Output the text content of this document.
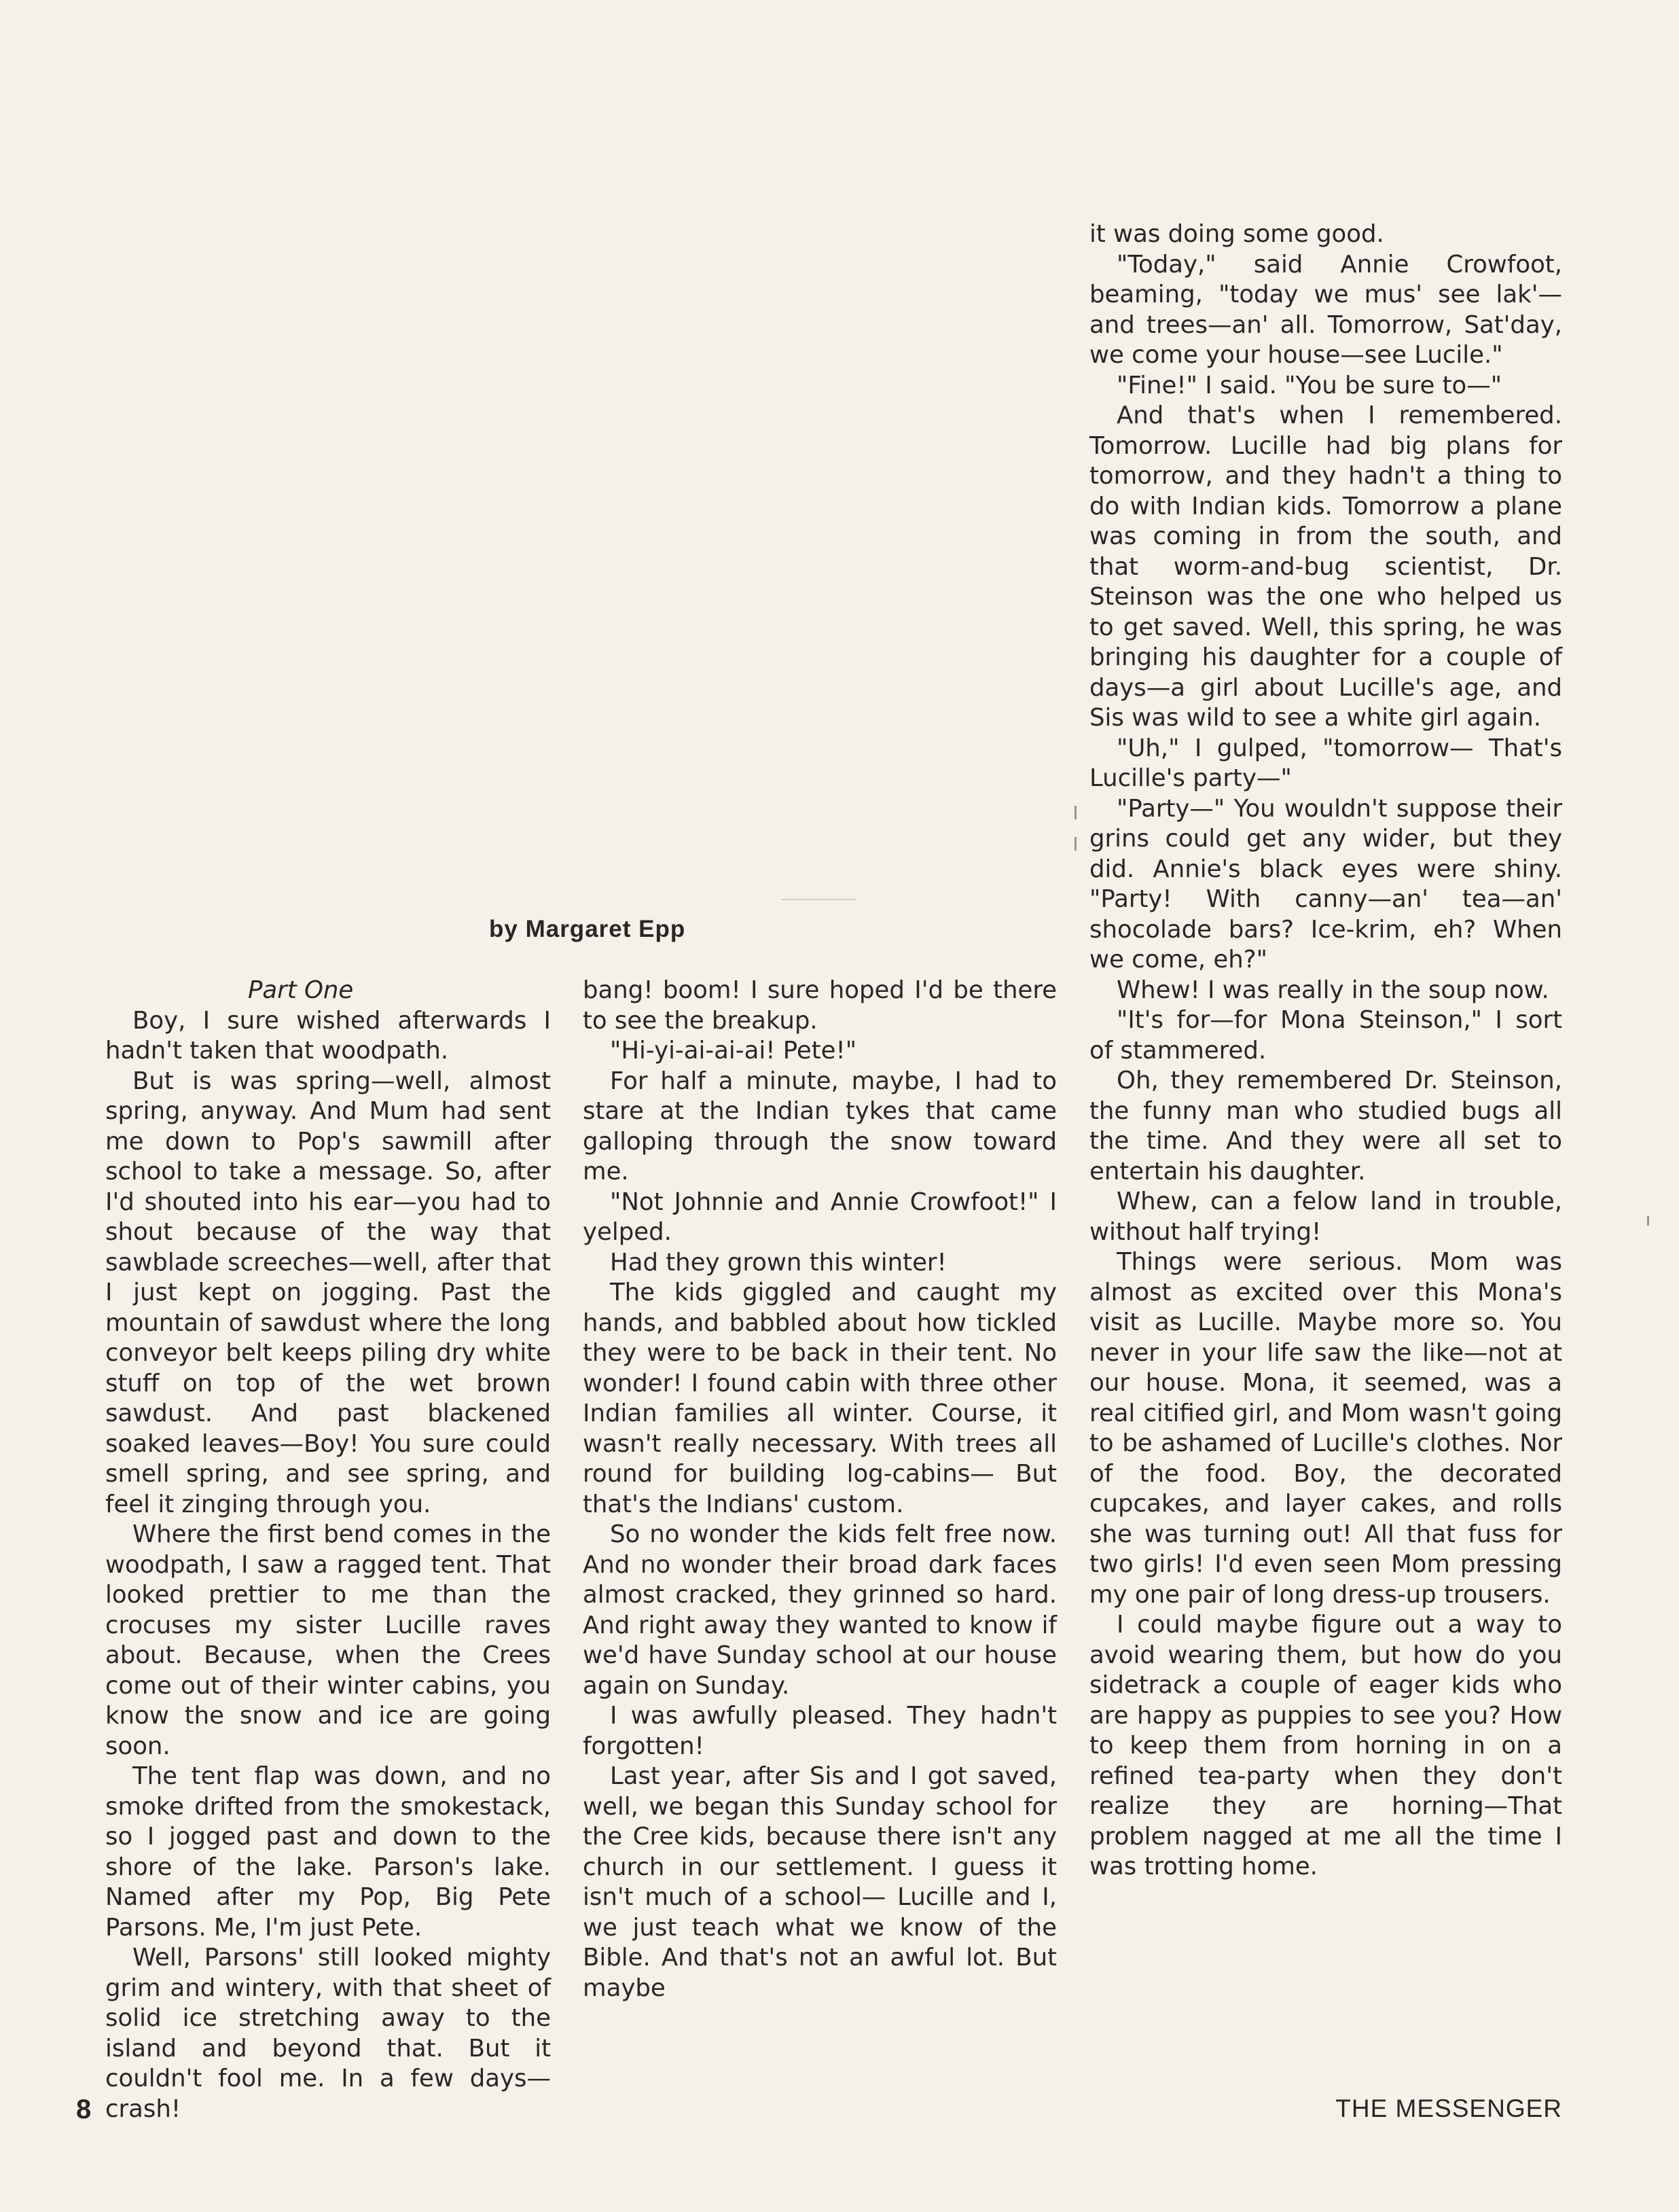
by Margaret Epp

Part One

Boy, I sure wished afterwards I hadn't taken that woodpath.

But is was spring—well, almost spring, anyway. And Mum had sent me down to Pop's sawmill after school to take a message. So, after I'd shouted into his ear—you had to shout because of the way that sawblade screeches—well, after that I just kept on jogging. Past the mountain of sawdust where the long conveyor belt keeps piling dry white stuff on top of the wet brown sawdust. And past blackened soaked leaves—Boy! You sure could smell spring, and see spring, and feel it zinging through you.

Where the first bend comes in the woodpath, I saw a ragged tent. That looked prettier to me than the crocuses my sister Lucille raves about. Because, when the Crees come out of their winter cabins, you know the snow and ice are going soon.

The tent flap was down, and no smoke drifted from the smokestack, so I jogged past and down to the shore of the lake. Parson's lake. Named after my Pop, Big Pete Parsons. Me, I'm just Pete.

Well, Parsons' still looked mighty grim and wintery, with that sheet of solid ice stretching away to the island and beyond that. But it couldn't fool me. In a few days—crash!

bang! boom! I sure hoped I'd be there to see the breakup.

"Hi-yi-ai-ai-ai! Pete!"

For half a minute, maybe, I had to stare at the Indian tykes that came galloping through the snow toward me.

"Not Johnnie and Annie Crowfoot!" I yelped.

Had they grown this winter!

The kids giggled and caught my hands, and babbled about how tickled they were to be back in their tent. No wonder! I found cabin with three other Indian families all winter. Course, it wasn't really necessary. With trees all round for building log-cabins— But that's the Indians' custom.

So no wonder the kids felt free now. And no wonder their broad dark faces almost cracked, they grinned so hard. And right away they wanted to know if we'd have Sunday school at our house again on Sunday.

I was awfully pleased. They hadn't forgotten!

Last year, after Sis and I got saved, well, we began this Sunday school for the Cree kids, because there isn't any church in our settlement. I guess it isn't much of a school— Lucille and I, we just teach what we know of the Bible. And that's not an awful lot. But maybe

it was doing some good.

"Today," said Annie Crowfoot, beaming, "today we mus' see lak'—and trees—an' all. Tomorrow, Sat'day, we come your house—see Lucile."

"Fine!" I said. "You be sure to—"

And that's when I remembered. Tomorrow. Lucille had big plans for tomorrow, and they hadn't a thing to do with Indian kids. Tomorrow a plane was coming in from the south, and that worm-and-bug scientist, Dr. Steinson was the one who helped us to get saved. Well, this spring, he was bringing his daughter for a couple of days—a girl about Lucille's age, and Sis was wild to see a white girl again.

"Uh," I gulped, "tomorrow— That's Lucille's party—"

"Party—" You wouldn't suppose their grins could get any wider, but they did. Annie's black eyes were shiny. "Party! With canny—an' tea—an' shocolade bars? Ice-krim, eh? When we come, eh?"

Whew! I was really in the soup now.

"It's for—for Mona Steinson," I sort of stammered.

Oh, they remembered Dr. Steinson, the funny man who studied bugs all the time. And they were all set to entertain his daughter.

Whew, can a felow land in trouble, without half trying!

Things were serious. Mom was almost as excited over this Mona's visit as Lucille. Maybe more so. You never in your life saw the like—not at our house. Mona, it seemed, was a real citified girl, and Mom wasn't going to be ashamed of Lucille's clothes. Nor of the food. Boy, the decorated cupcakes, and layer cakes, and rolls she was turning out! All that fuss for two girls! I'd even seen Mom pressing my one pair of long dress-up trousers.

I could maybe figure out a way to avoid wearing them, but how do you sidetrack a couple of eager kids who are happy as puppies to see you? How to keep them from horning in on a refined tea-party when they don't realize they are horning—That problem nagged at me all the time I was trotting home.

8	THE MESSENGER
